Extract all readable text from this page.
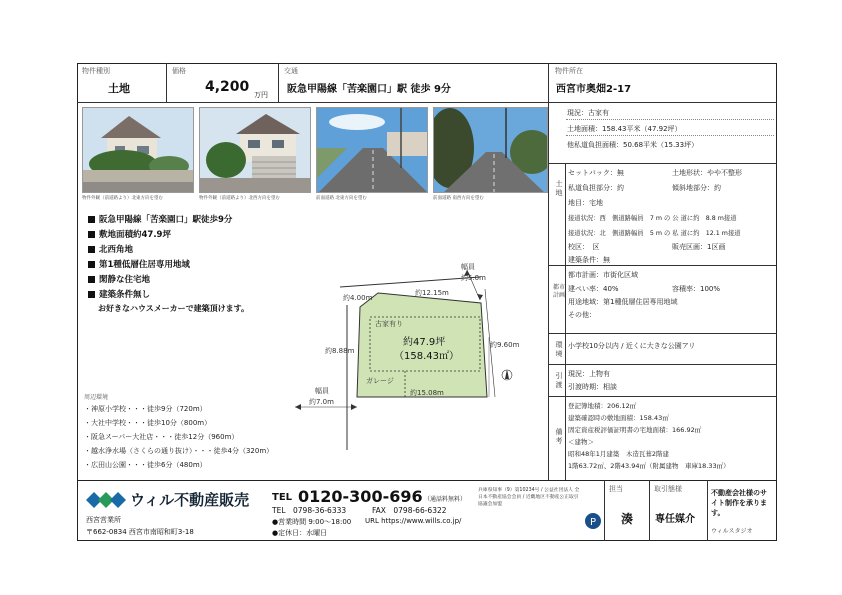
物件種別
土地
価格
4,200 万円
交通
阪急甲陽線「苦楽園口」駅 徒歩 9分
物件所在
西宮市奥畑2-17
物件外観（前道路より）北東方向を望む	物件外観（前道路より）北西方向を望む	前面道路 北東方向を望む	前面道路 南西方向を望む
阪急甲陽線「苦楽園口」駅徒歩9分
敷地面積約47.9坪
北西角地
第1種低層住居専用地域
閑静な住宅地
建築条件無し
お好きなハウスメーカーで建築頂けます。
周辺環境
・神原小学校・・・徒歩9分（720m）
・大社中学校・・・徒歩10分（800m）
・阪急スーパー大社店・・・徒歩12分（960m）
・越水浄水場（さくらの通り抜け）・・・徒歩4分（320m）
・広田山公園・・・徒歩6分（480m）
幅員
約5.0m
幅員
約7.0m
古家有り
約47.9坪
（158.43㎡）
ガレージ
約4.00m
約12.15m
約8.88m
約9.60m
約15.08m
現況：古家有
土地面積：158.43平米（47.92坪）
他私道負担面積：50.68平米（15.33坪）
土地
セットバック：無	土地形状：やや不整形
私道負担部分：約	傾斜地部分：約
地目：宅地
接道状況：西　側道路幅員　7 m の 公 道に約　8.8 m接道
接道状況：北　側道路幅員　5 m の 私 道に約　12.1 m接道
校区：　区	販売区画：1区画
建築条件：無
都市計画
都市計画：市街化区域
建ぺい率：40%	容積率：100%
用途地域：第1種低層住居専用地域
その他：
環境
小学校10分以内 / 近くに大きな公園アリ
引渡
現況：上物有
引渡時期：相談
備考
登記簿地積：206.12㎡
建築確認時の敷地面積：158.43㎡
固定資産税評価証明書の宅地面積：166.92㎡
＜建物＞
昭和48年1月建築　木造瓦葺2階建
1階63.72㎡、2階43.94㎡（附属建物　車庫18.33㎡）
ウィル不動産販売
西宮営業所
〒662-0834 西宮市南昭和町3-18
TEL 0120-300-696 （通話料無料）
TEL　0798-36-6333	FAX　0798-66-6322
●営業時間 9:00～18:00
●定休日：水曜日
URL https://www.wills.co.jp/
兵庫県知事（9）第10234号 / 公益社団法人 全日本不動産協会会員 / 近畿地区不動産公正取引協議会加盟
P
担当
湊
取引態様
専任媒介
不動産会社様のサイト制作を承ります。
ウィルスタジオ
